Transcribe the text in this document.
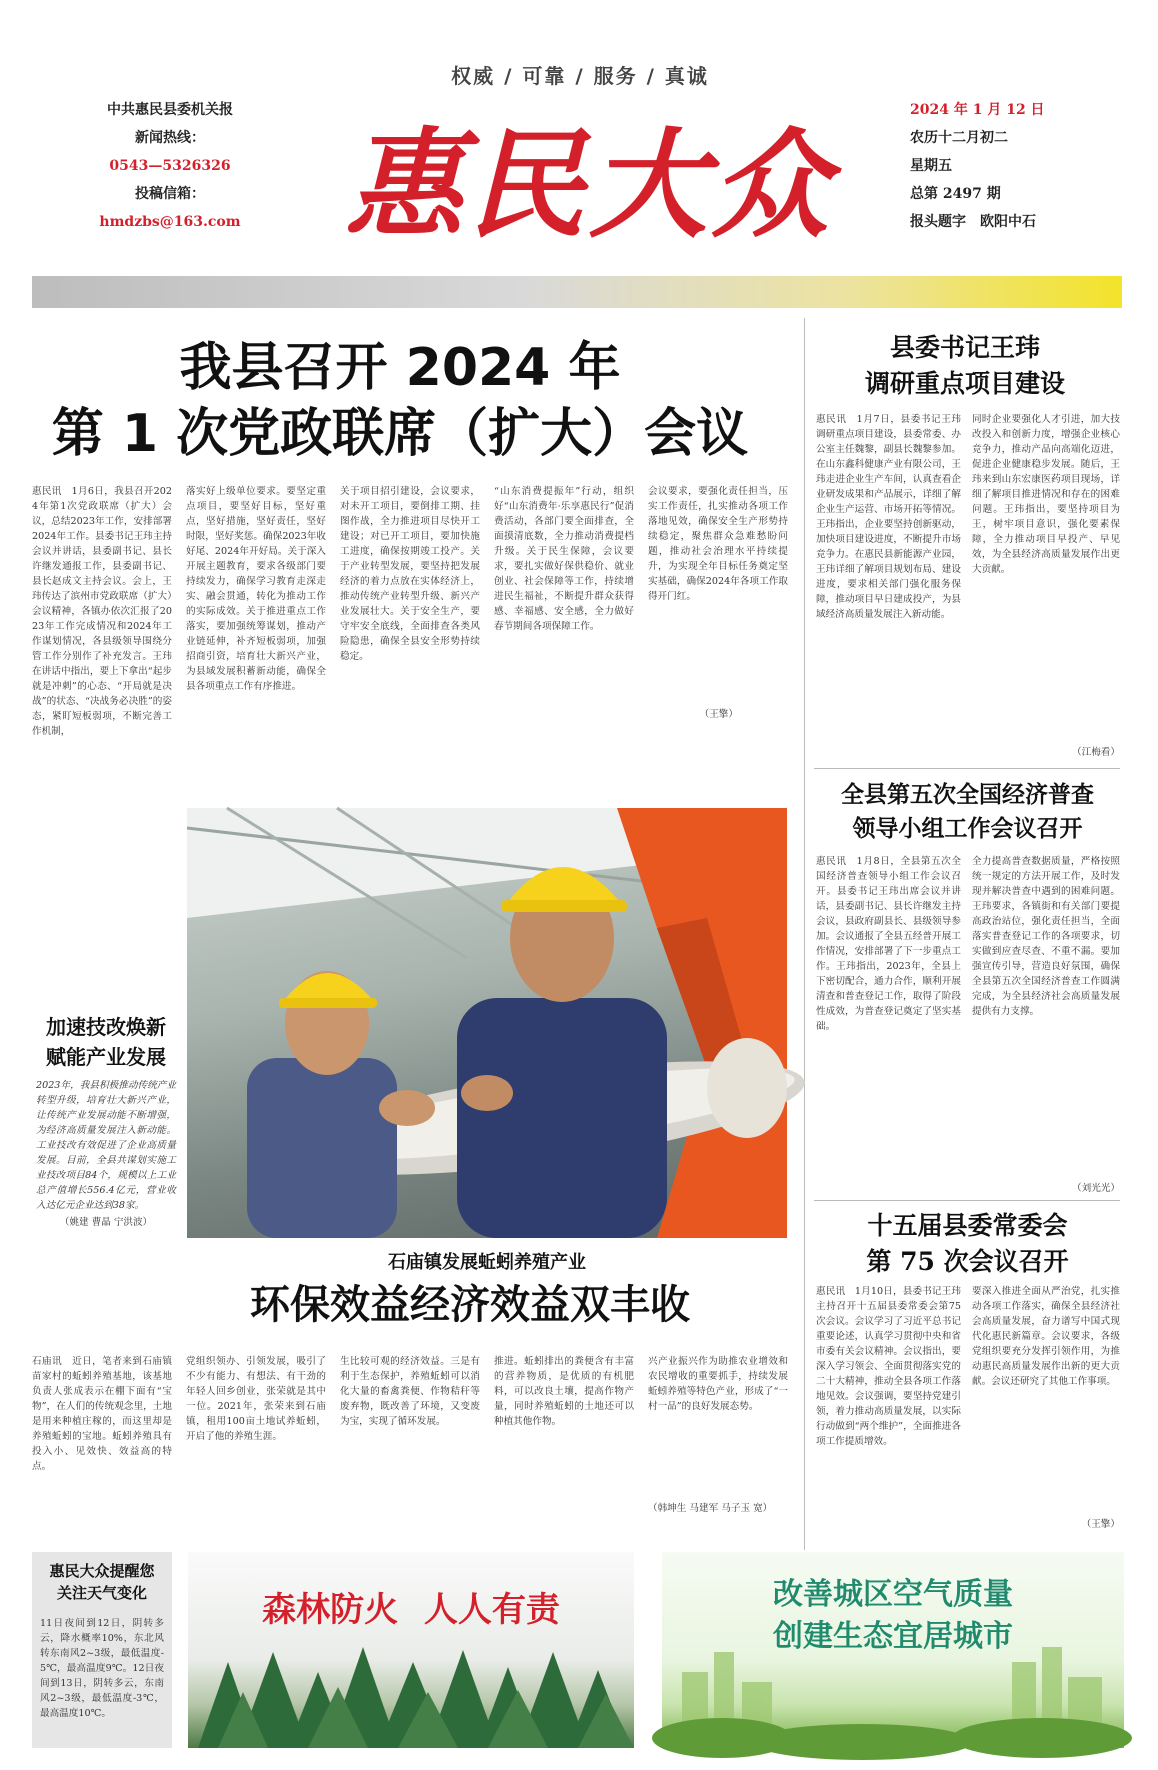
权威 / 可靠 / 服务 / 真诚
中共惠民县委机关报
新闻热线：
0543—5326326
投稿信箱：
hmdzbs@163.com 惠民大众
2024 年 1 月 12 日
农历十二月初二
星期五
总第 2497 期
报头题字　欧阳中石
我县召开 2024 年
第 1 次党政联席（扩大）会议
惠民讯　1月6日，我县召开2024年第1次党政联席（扩大）会议，总结2023年工作，安排部署2024年工作。县委书记王玮主持会议并讲话，县委副书记、县长许继发通报工作，县委副书记、县长赵成文主持会议。会上，王玮传达了滨州市党政联席（扩大）会议精神，各镇办依次汇报了2023年工作完成情况和2024年工作谋划情况，各县级领导围绕分管工作分别作了补充发言。王玮在讲话中指出，要上下拿出“起步就是冲刺”的心态、“开局就是决战”的状态、“决战务必决胜”的姿态，紧盯短板弱项，不断完善工作机制，
落实好上级单位要求。要坚定重点项目，要坚好目标，坚好重点，坚好措施，坚好责任，坚好时限，坚好奖惩。确保2023年收好尾、2024年开好局。关于深入开展主题教育，要求各级部门要持续发力，确保学习教育走深走实、融会贯通，转化为推动工作的实际成效。关于推进重点工作落实，要加强统筹谋划，推动产业链延伸，补齐短板弱项，加强招商引资，培育壮大新兴产业，为县域发展积蓄新动能，确保全县各项重点工作有序推进。
关于项目招引建设，会议要求，对未开工项目，要倒排工期、挂图作战，全力推进项目尽快开工建设；对已开工项目，要加快施工进度，确保按期竣工投产。关于产业转型发展，要坚持把发展经济的着力点放在实体经济上，推动传统产业转型升级、新兴产业发展壮大。关于安全生产，要守牢安全底线，全面排查各类风险隐患，确保全县安全形势持续稳定。
“山东消费提振年”行动，组织好“山东消费年·乐享惠民行”促消费活动，各部门要全面排查，全面摸清底数，全力推动消费提档升级。关于民生保障，会议要求，要扎实做好保供稳价、就业创业、社会保障等工作，持续增进民生福祉，不断提升群众获得感、幸福感、安全感，全力做好春节期间各项保障工作。
会议要求，要强化责任担当，压实工作责任，扎实推动各项工作落地见效，确保安全生产形势持续稳定，聚焦群众急难愁盼问题，推动社会治理水平持续提升，为实现全年目标任务奠定坚实基础，确保2024年各项工作取得开门红。
（王擎）
县委书记王玮
调研重点项目建设
惠民讯　1月7日，县委书记王玮调研重点项目建设，县委常委、办公室主任魏黎，副县长魏黎参加。在山东鑫科健康产业有限公司，王玮走进企业生产车间，认真查看企业研发成果和产品展示，详细了解企业生产运营、市场开拓等情况。王玮指出，企业要坚持创新驱动，加快项目建设进度，不断提升市场竞争力。在惠民县新能源产业园，王玮详细了解项目规划布局、建设进度，要求相关部门强化服务保障，推动项目早日建成投产，为县域经济高质量发展注入新动能。
同时企业要强化人才引进，加大技改投入和创新力度，增强企业核心竞争力，推动产品向高端化迈进，促进企业健康稳步发展。随后，王玮来到山东宏康医药项目现场，详细了解项目推进情况和存在的困难问题。王玮指出，要坚持项目为王，树牢项目意识，强化要素保障，全力推动项目早投产、早见效，为全县经济高质量发展作出更大贡献。
（江梅看）
全县第五次全国经济普查
领导小组工作会议召开
惠民讯　1月8日，全县第五次全国经济普查领导小组工作会议召开。县委书记王玮出席会议并讲话，县委副书记、县长许继发主持会议，县政府副县长、县级领导参加。会议通报了全县五经普开展工作情况，安排部署了下一步重点工作。王玮指出，2023年，全县上下密切配合，通力合作，顺利开展清查和普查登记工作，取得了阶段性成效，为普查登记奠定了坚实基础。
全力提高普查数据质量，严格按照统一规定的方法开展工作，及时发现并解决普查中遇到的困难问题。王玮要求，各镇街和有关部门要提高政治站位，强化责任担当，全面落实普查登记工作的各项要求，切实做到应查尽查、不重不漏。要加强宣传引导，营造良好氛围，确保全县第五次全国经济普查工作圆满完成，为全县经济社会高质量发展提供有力支撑。
（刘光光）
十五届县委常委会
第 75 次会议召开
惠民讯　1月10日，县委书记王玮主持召开十五届县委常委会第75次会议。会议学习了习近平总书记重要论述，认真学习贯彻中央和省市委有关会议精神。会议指出，要深入学习领会、全面贯彻落实党的二十大精神，推动全县各项工作落地见效。会议强调，要坚持党建引领，着力推动高质量发展，以实际行动做到“两个维护”，全面推进各项工作提质增效。
要深入推进全面从严治党，扎实推动各项工作落实，确保全县经济社会高质量发展，奋力谱写中国式现代化惠民新篇章。会议要求，各级党组织要充分发挥引领作用，为推动惠民高质量发展作出新的更大贡献。会议还研究了其他工作事项。
（王擎）
加速技改焕新
赋能产业发展
2023年，我县积极推动传统产业转型升级，培育壮大新兴产业，让传统产业发展动能不断增强，为经济高质量发展注入新动能。工业技改有效促进了企业高质量发展。目前，全县共谋划实施工业技改项目84个，规模以上工业总产值增长556.4亿元，营业收入达亿元企业达到38家。
（姚建 曹晶 宁洪波）
石庙镇发展蚯蚓养殖产业
环保效益经济效益双丰收
石庙讯　近日，笔者来到石庙镇苗家村的蚯蚓养殖基地，该基地负责人张成表示在棚下面有“宝物”，在人们的传统观念里，土地是用来种植庄稼的，而这里却是养殖蚯蚓的宝地。蚯蚓养殖具有投入小、见效快、效益高的特点。
党组织领办、引领发展，吸引了不少有能力、有想法、有干劲的年轻人回乡创业，张荣就是其中一位。2021年，张荣来到石庙镇，租用100亩土地试养蚯蚓，开启了他的养殖生涯。
生比较可观的经济效益。三是有利于生态保护，养殖蚯蚓可以消化大量的畜禽粪便、作物秸秆等废弃物，既改善了环境，又变废为宝，实现了循环发展。
推进。蚯蚓排出的粪便含有丰富的营养物质，是优质的有机肥料，可以改良土壤，提高作物产量，同时养殖蚯蚓的土地还可以种植其他作物。
兴产业振兴作为助推农业增效和农民增收的重要抓手，持续发展蚯蚓养殖等特色产业，形成了“一村一品”的良好发展态势。
（韩坤生 马建军 马子玉 宽）
惠民大众提醒您
关注天气变化
11日夜间到12日，阴转多云，降水概率10%，东北风转东南风2~3级，最低温度-5℃，最高温度9℃。12日夜间到13日，阴转多云，东南风2~3级，最低温度-3℃，最高温度10℃。
森林防火 人人有责	改善城区空气质量
创建生态宜居城市
